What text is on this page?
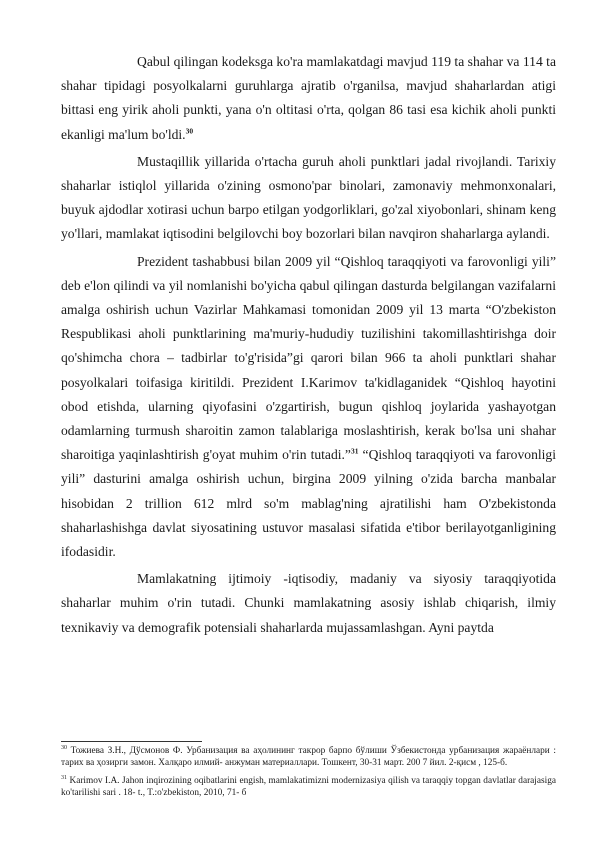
Qabul qilingan kodeksga ko'ra mamlakatdagi mavjud 119 ta shahar va 114 ta shahar tipidagi posyolkalarni guruhlarga ajratib o'rganilsa, mavjud shaharlardan atigi bittasi eng yirik aholi punkti, yana o'n oltitasi o'rta, qolgan 86 tasi esa kichik aholi punkti ekanligi ma'lum bo'ldi.$^{30}$

Mustaqillik yillarida o'rtacha guruh aholi punktlari jadal rivojlandi. Tarixiy shaharlar istiqlol yillarida o'zining osmono'par binolari, zamonaviy mehmonxonalari, buyuk ajdodlar xotirasi uchun barpo etilgan yodgorliklari, go'zal xiyobonlari, shinam keng yo'llari, mamlakat iqtisodini belgilovchi boy bozorlari bilan navqiron shaharlarga aylandi.

Prezident tashabbusi bilan 2009 yil “Qishloq taraqqiyoti va farovonligi yili” deb e'lon qilindi va yil nomlanishi bo'yicha qabul qilingan dasturda belgilangan vazifalarni amalga oshirish uchun Vazirlar Mahkamasi tomonidan 2009 yil 13 marta “O'zbekiston Respublikasi aholi punktlarining ma'muriy-hududiy tuzilishini takomillashtirishga doir qo'shimcha chora – tadbirlar to'g'risida”gi qarori bilan 966 ta aholi punktlari shahar posyolkalari toifasiga kiritildi. Prezident I.Karimov ta'kidlaganidek “Qishloq hayotini obod etishda, ularning qiyofasini o'zgartirish, bugun qishloq joylarida yashayotgan odamlarning turmush sharoitin zamon talablariga moslashtirish, kerak bo'lsa uni shahar sharoitiga yaqinlashtirish g'oyat muhim o'rin tutadi.”$^{31}$ “Qishloq taraqqiyoti va farovonligi yili” dasturini amalga oshirish uchun, birgina 2009 yilning o'zida barcha manbalar hisobidan 2 trillion 612 mlrd so'm mablag'ning ajratilishi ham O'zbekistonda shaharlashishga davlat siyosatining ustuvor masalasi sifatida e'tibor berilayotganligining ifodasidir.

Mamlakatning ijtimoiy -iqtisodiy, madaniy va siyosiy taraqqiyotida shaharlar muhim o'rin tutadi. Chunki mamlakatning asosiy ishlab chiqarish, ilmiy texnikaviy va demografik potensiali shaharlarda mujassamlashgan. Ayni paytda

$^{30}$ Тожиева З.Н., Дўсмонов Ф. Урбанизация ва аҳолининг такрор барпо бўлиши Ўзбекистонда урбанизация жараёнлари : тарих ва ҳозирги замон. Халқаро илмий- анжуман материаллари. Тошкент, 30-31 март. 200 7 йил. 2-қисм , 125-б.

$^{31}$ Karimov I.A. Jahon inqirozining oqibatlarini engish, mamlakatimizni modernizasiya qilish va taraqqiy topgan davlatlar darajasiga ko'tarilishi sari . 18- t., T.:o'zbekiston, 2010, 71- б
